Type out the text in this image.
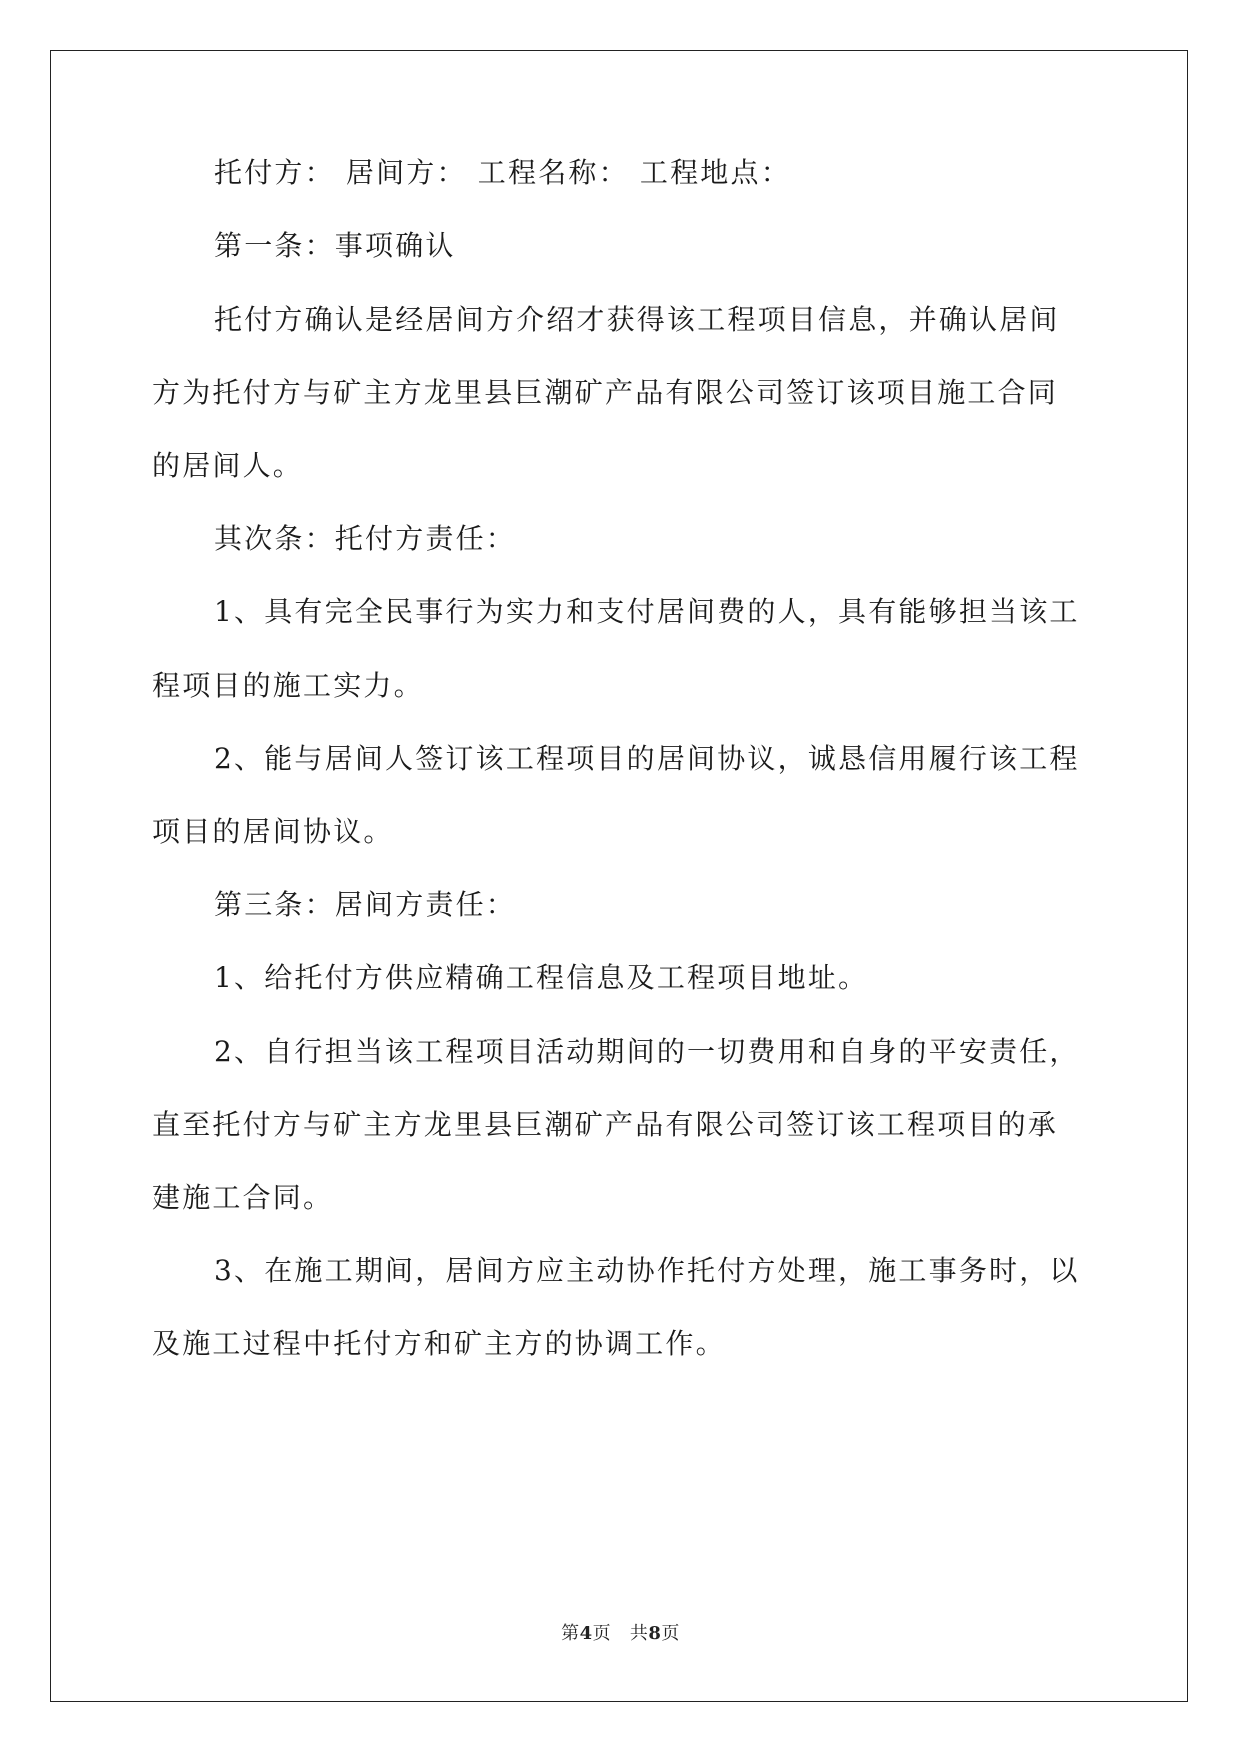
托付方： 居间方： 工程名称： 工程地点：
第一条：事项确认
托付方确认是经居间方介绍才获得该工程项目信息，并确认居间
方为托付方与矿主方龙里县巨潮矿产品有限公司签订该项目施工合同
的居间人。
其次条：托付方责任：
1、具有完全民事行为实力和支付居间费的人，具有能够担当该工
程项目的施工实力。
2、能与居间人签订该工程项目的居间协议，诚恳信用履行该工程
项目的居间协议。
第三条：居间方责任：
1、给托付方供应精确工程信息及工程项目地址。
2、自行担当该工程项目活动期间的一切费用和自身的平安责任，
直至托付方与矿主方龙里县巨潮矿产品有限公司签订该工程项目的承
建施工合同。
3、在施工期间，居间方应主动协作托付方处理，施工事务时，以
及施工过程中托付方和矿主方的协调工作。
第4页 共8页
